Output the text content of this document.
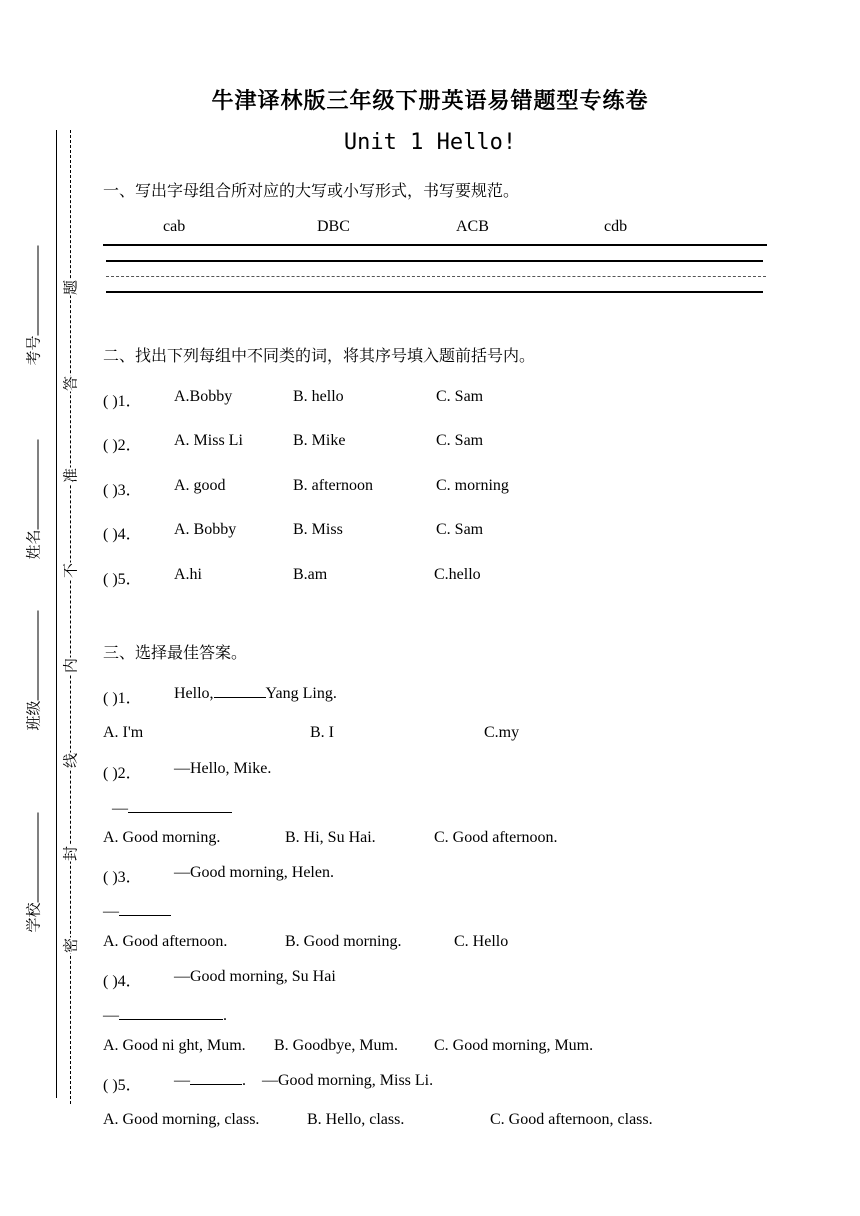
考号
姓名
班级
学校
题
答
准
不
内
线
封
密
牛津译林版三年级下册英语易错题型专练卷
Unit 1 Hello!
一、写出字母组合所对应的大写或小写形式，书写要规范。
cab	DBC	ACB	cdb
二、找出下列每组中不同类的词，将其序号填入题前括号内。
( )1． A.Bobby	B. hello	C. Sam
( )2． A. Miss Li	B. Mike	C. Sam
( )3． A. good	B. afternoon	C. morning
( )4． A. Bobby	B. Miss	C. Sam
( )5． A.hi	B.am	C.hello
三、选择最佳答案。
( )1． Hello,	Yang Ling.
A. I'm	B. I	C.my
( )2． —Hello, Mike.
—
A. Good morning.	B. Hi, Su Hai.	C. Good afternoon.
( )3． —Good morning, Helen.
—
A. Good afternoon.	B. Good morning.	C. Hello
( )4． —Good morning, Su Hai
—	.
A. Good ni ght, Mum. B. Goodbye, Mum. C. Good morning, Mum.
( )5． —	. —Good morning, Miss Li.
A. Good morning, class.	B. Hello, class.	C. Good afternoon, class.
